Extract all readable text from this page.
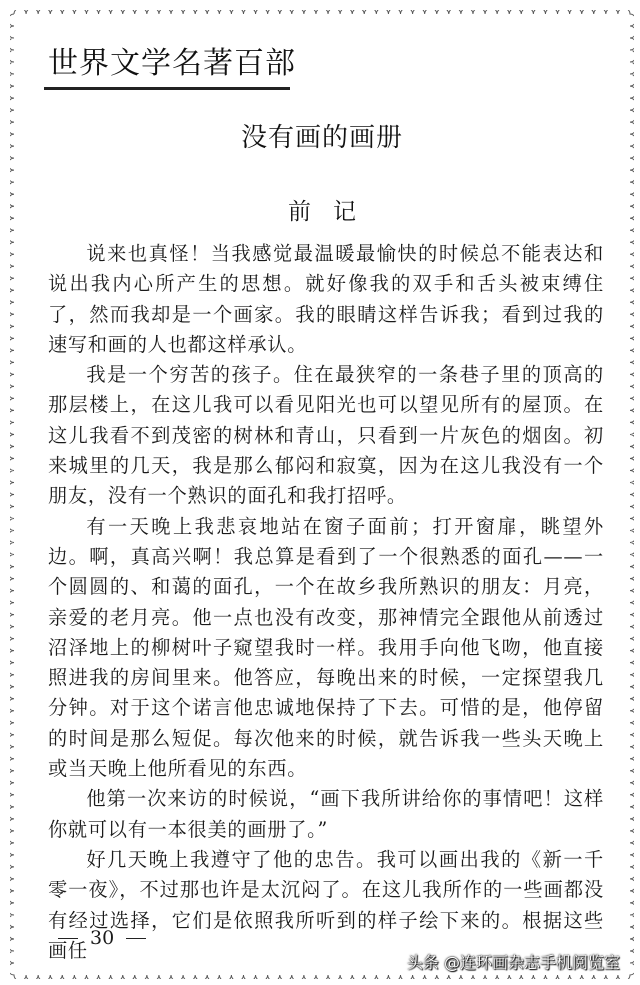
世界文学名著百部
没有画的画册
前记

说来也真怪！当我感觉最温暖最愉快的时候总不能表达和说出我内心所产生的思想。就好像我的双手和舌头被束缚住了，然而我却是一个画家。我的眼睛这样告诉我；看到过我的速写和画的人也都这样承认。

我是一个穷苦的孩子。住在最狭窄的一条巷子里的顶高的那层楼上，在这儿我可以看见阳光也可以望见所有的屋顶。在这儿我看不到茂密的树林和青山，只看到一片灰色的烟囱。初来城里的几天，我是那么郁闷和寂寞，因为在这儿我没有一个朋友，没有一个熟识的面孔和我打招呼。

有一天晚上我悲哀地站在窗子面前；打开窗扉，眺望外边。啊，真高兴啊！我总算是看到了一个很熟悉的面孔——一个圆圆的、和蔼的面孔，一个在故乡我所熟识的朋友：月亮，亲爱的老月亮。他一点也没有改变，那神情完全跟他从前透过沼泽地上的柳树叶子窥望我时一样。我用手向他飞吻，他直接照进我的房间里来。他答应，每晚出来的时候，一定探望我几分钟。对于这个诺言他忠诚地保持了下去。可惜的是，他停留的时间是那么短促。每次他来的时候，就告诉我一些头天晚上或当天晚上他所看见的东西。

他第一次来访的时候说，“画下我所讲给你的事情吧！这样你就可以有一本很美的画册了。”

好几天晚上我遵守了他的忠告。我可以画出我的《新一千零一夜》，不过那也许是太沉闷了。在这儿我所作的一些画都没有经过选择，它们是依照我所听到的样子绘下来的。根据这些画任

30
头条 @连环画杂志手机阅览室
